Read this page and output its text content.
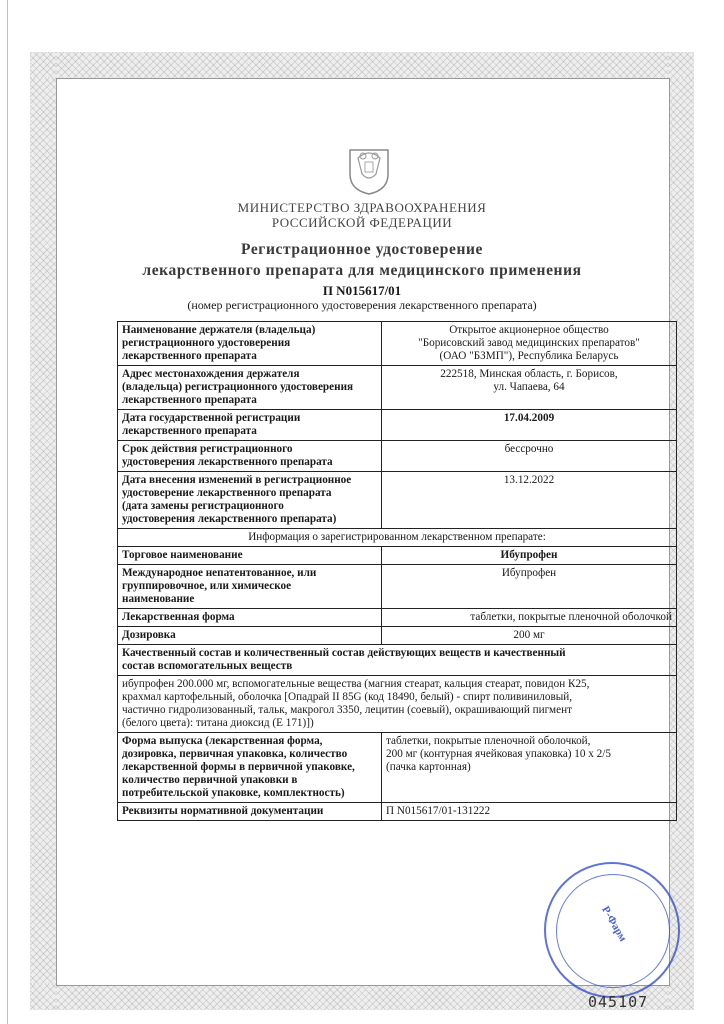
МИНИСТЕРСТВО ЗДРАВООХРАНЕНИЯ
РОССИЙСКОЙ ФЕДЕРАЦИИ
Регистрационное удостоверение
лекарственного препарата для медицинского применения
П N015617/01
(номер регистрационного удостоверения лекарственного препарата)
Наименование держателя (владельца)
регистрационного удостоверения
лекарственного препарата	Открытое акционерное общество
"Борисовский завод медицинских препаратов"
(ОАО "БЗМП"), Республика Беларусь
Адрес местонахождения держателя
(владельца) регистрационного удостоверения
лекарственного препарата	222518, Минская область, г. Борисов,
ул. Чапаева, 64
Дата государственной регистрации
лекарственного препарата	17.04.2009
Срок действия регистрационного
удостоверения лекарственного препарата	бессрочно
Дата внесения изменений в регистрационное
удостоверение лекарственного препарата
(дата замены регистрационного
удостоверения лекарственного препарата)	13.12.2022
Информация о зарегистрированном лекарственном препарате:	
Торговое наименование	Ибупрофен
Международное непатентованное, или
группировочное, или химическое
наименование	Ибупрофен
Лекарственная форма	таблетки, покрытые пленочной оболочкой
Дозировка	200 мг
Качественный состав и количественный состав действующих веществ и качественный
состав вспомогательных веществ	
ибупрофен 200.000 мг, вспомогательные вещества (магния стеарат, кальция стеарат, повидон К25,
крахмал картофельный, оболочка [Опадрай II 85G (код 18490, белый) - спирт поливиниловый,
частично гидролизованный, тальк, макрогол 3350, лецитин (соевый), окрашивающий пигмент
(белого цвета): титана диоксид (Е 171)])	
Форма выпуска (лекарственная форма,
дозировка, первичная упаковка, количество
лекарственной формы в первичной упаковке,
количество первичной упаковки в
потребительской упаковке, комплектность)	таблетки, покрытые пленочной оболочкой,
200 мг (контурная ячейковая упаковка) 10 х 2/5
(пачка картонная)
Реквизиты нормативной документации	П N015617/01-131222
Р-Фарм
045107
